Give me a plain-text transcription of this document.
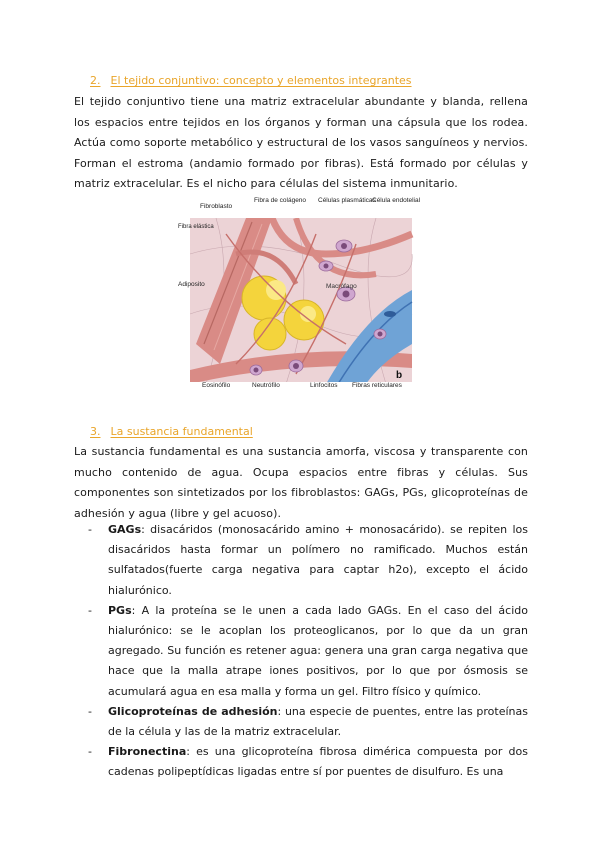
2. El tejido conjuntivo: concepto y elementos integrantes
El tejido conjuntivo tiene una matriz extracelular abundante y blanda, rellena los espacios entre tejidos en los órganos y forman una cápsula que los rodea. Actúa como soporte metabólico y estructural de los vasos sanguíneos y nervios. Forman el estroma (andamio formado por fibras). Está formado por células y matriz extracelular. Es el nicho para células del sistema inmunitario.
Fibroblasto
Fibra de colágeno Células plasmáticas
Célula endotelial
Fibra elástica
Adiposito	Macrófago
Eosinófilo	Neutrófilo	Linfocitos Fibras reticulares
b
3. La sustancia fundamental
La sustancia fundamental es una sustancia amorfa, viscosa y transparente con mucho contenido de agua. Ocupa espacios entre fibras y células. Sus componentes son sintetizados por los fibroblastos: GAGs, PGs, glicoproteínas de adhesión y agua (libre y gel acuoso).
- GAGs: disacáridos (monosacárido amino + monosacárido). se repiten los disacáridos hasta formar un polímero no ramificado. Muchos están sulfatados(fuerte carga negativa para captar h2o), excepto el ácido hialurónico.
- PGs: A la proteína se le unen a cada lado GAGs. En el caso del ácido hialurónico: se le acoplan los proteoglicanos, por lo que da un gran agregado. Su función es retener agua: genera una gran carga negativa que hace que la malla atrape iones positivos, por lo que por ósmosis se acumulará agua en esa malla y forma un gel. Filtro físico y químico.
- Glicoproteínas de adhesión: una especie de puentes, entre las proteínas de la célula y las de la matriz extracelular.
- Fibronectina: es una glicoproteína fibrosa dimérica compuesta por dos cadenas polipeptídicas ligadas entre sí por puentes de disulfuro. Es una
